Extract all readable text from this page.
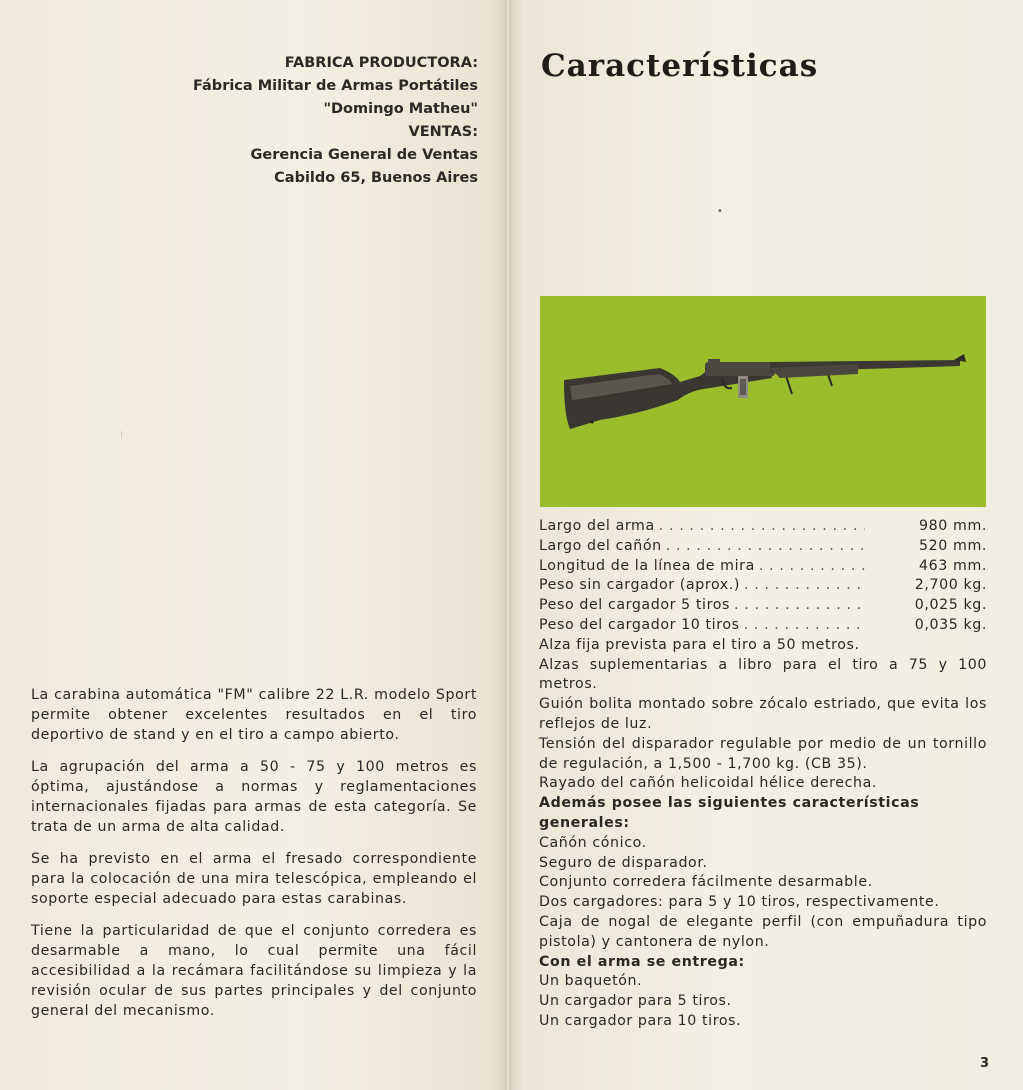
FABRICA PRODUCTORA:
Fábrica Militar de Armas Portátiles
"Domingo Matheu"
VENTAS:
Gerencia General de Ventas
Cabildo 65, Buenos Aires
⁝
•

La carabina automática "FM" calibre 22 L.R. modelo Sport permite obtener excelentes resultados en el tiro deportivo de stand y en el tiro a campo abierto.

La agrupación del arma a 50 - 75 y 100 metros es óptima, ajustándose a normas y reglamentaciones internacionales fijadas para armas de esta categoría. Se trata de un arma de alta calidad.

Se ha previsto en el arma el fresado correspondiente para la colocación de una mira telescópica, empleando el soporte especial adecuado para estas carabinas.

Tiene la particularidad de que el conjunto corredera es desarmable a mano, lo cual permite una fácil accesibilidad a la recámara facilitándose su limpieza y la revisión ocular de sus partes principales y del conjunto general del mecanismo.

Características
Largo del arma . . .	980 mm.
Largo del cañón . . .	520 mm.
Longitud de la línea de mira . . .	463 mm.
Peso sin cargador (aprox.) . . .	2,700 kg.
Peso del cargador 5 tiros . . .	0,025 kg.
Peso del cargador 10 tiros . . .	0,035 kg.
Alza fija prevista para el tiro a 50 metros.
Alzas suplementarias a libro para el tiro a 75 y 100 metros.
Guión bolita montado sobre zócalo estriado, que evita los reflejos de luz.
Tensión del disparador regulable por medio de un tornillo de regulación, a 1,500 - 1,700 kg. (CB 35).
Rayado del cañón helicoidal hélice derecha.
Además posee las siguientes características generales:
Cañón cónico.
Seguro de disparador.
Conjunto corredera fácilmente desarmable.
Dos cargadores: para 5 y 10 tiros, respectivamente.
Caja de nogal de elegante perfil (con empuñadura tipo pistola) y cantonera de nylon.
Con el arma se entrega:
Un baquetón.
Un cargador para 5 tiros.
Un cargador para 10 tiros.
3
